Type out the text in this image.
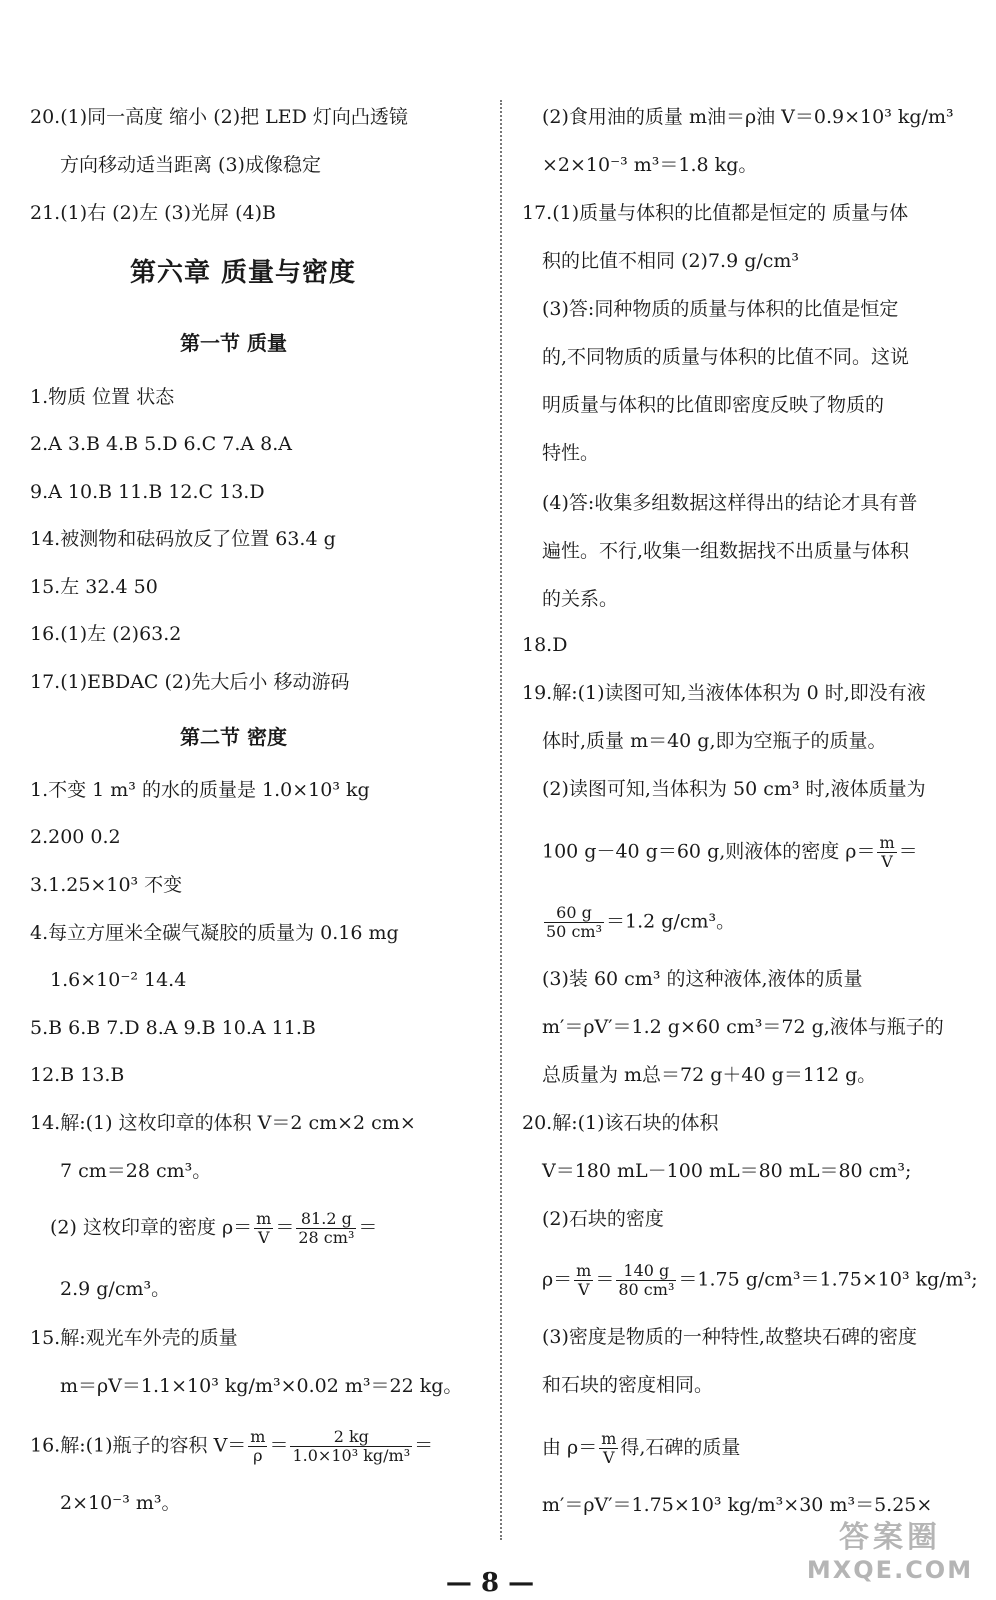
20.(1)同一高度 缩小 (2)把 LED 灯向凸透镜
方向移动适当距离 (3)成像稳定
21.(1)右 (2)左 (3)光屏 (4)B
第六章 质量与密度
第一节 质量
1.物质 位置 状态
2.A 3.B 4.B 5.D 6.C 7.A 8.A
9.A 10.B 11.B 12.C 13.D
14.被测物和砝码放反了位置 63.4 g
15.左 32.4 50
16.(1)左 (2)63.2
17.(1)EBDAC (2)先大后小 移动游码
第二节 密度
1.不变 1 m³ 的水的质量是 1.0×10³ kg
2.200 0.2
3.1.25×10³ 不变
4.每立方厘米全碳气凝胶的质量为 0.16 mg
1.6×10⁻² 14.4
5.B 6.B 7.D 8.A 9.B 10.A 11.B
12.B 13.B
14.解:(1) 这枚印章的体积 V＝2 cm×2 cm×
7 cm＝28 cm³。
(2) 这枚印章的密度 $\rho= \frac{m}{V} = \frac{81.2 g}{\text{28 cm³}}$ ＝
2.9 g/cm³。
15.解:观光车外壳的质量
m＝ρV＝1.1×10³ kg/m³×0.02 m³＝22 kg。
16.解:(1)瓶子的容积 $V= \frac{m}{\rho} = \frac{2 kg}{\text{1.0×10³ kg/m³}}$ ＝
2×10⁻³ m³。
(2)食用油的质量 m油＝ρ油 V＝0.9×10³ kg/m³
×2×10⁻³ m³＝1.8 kg。
17.(1)质量与体积的比值都是恒定的 质量与体
积的比值不相同 (2)7.9 g/cm³
(3)答:同种物质的质量与体积的比值是恒定
的,不同物质的质量与体积的比值不同。这说
明质量与体积的比值即密度反映了物质的
特性。
(4)答:收集多组数据这样得出的结论才具有普
遍性。不行,收集一组数据找不出质量与体积
的关系。
18.D
19.解:(1)读图可知,当液体体积为 0 时,即没有液
体时,质量 m＝40 g,即为空瓶子的质量。
(2)读图可知,当体积为 50 cm³ 时,液体质量为
100 g－40 g＝60 g,则液体的密度 $\rho= \frac{m}{V}$ ＝
$\frac{60 g}{\text{50 cm³}} =1.2$ g/cm³。
(3)装 60 cm³ 的这种液体,液体的质量
m′＝ρV′＝1.2 g×60 cm³＝72 g,液体与瓶子的
总质量为 m总＝72 g＋40 g＝112 g。
20.解:(1)该石块的体积
V＝180 mL－100 mL＝80 mL＝80 cm³;
(2)石块的密度
$\rho= \frac{m}{V} = \frac{140 g}{\text{80 cm³}} =1.75$ g/cm³＝1.75×10³ kg/m³;
(3)密度是物质的一种特性,故整块石碑的密度
和石块的密度相同。
由 $\rho= \frac{m}{V}$ 得,石碑的质量
m′＝ρV′＝1.75×10³ kg/m³×30 m³＝5.25×
答案圈
MXQE.COM
— 8 —
